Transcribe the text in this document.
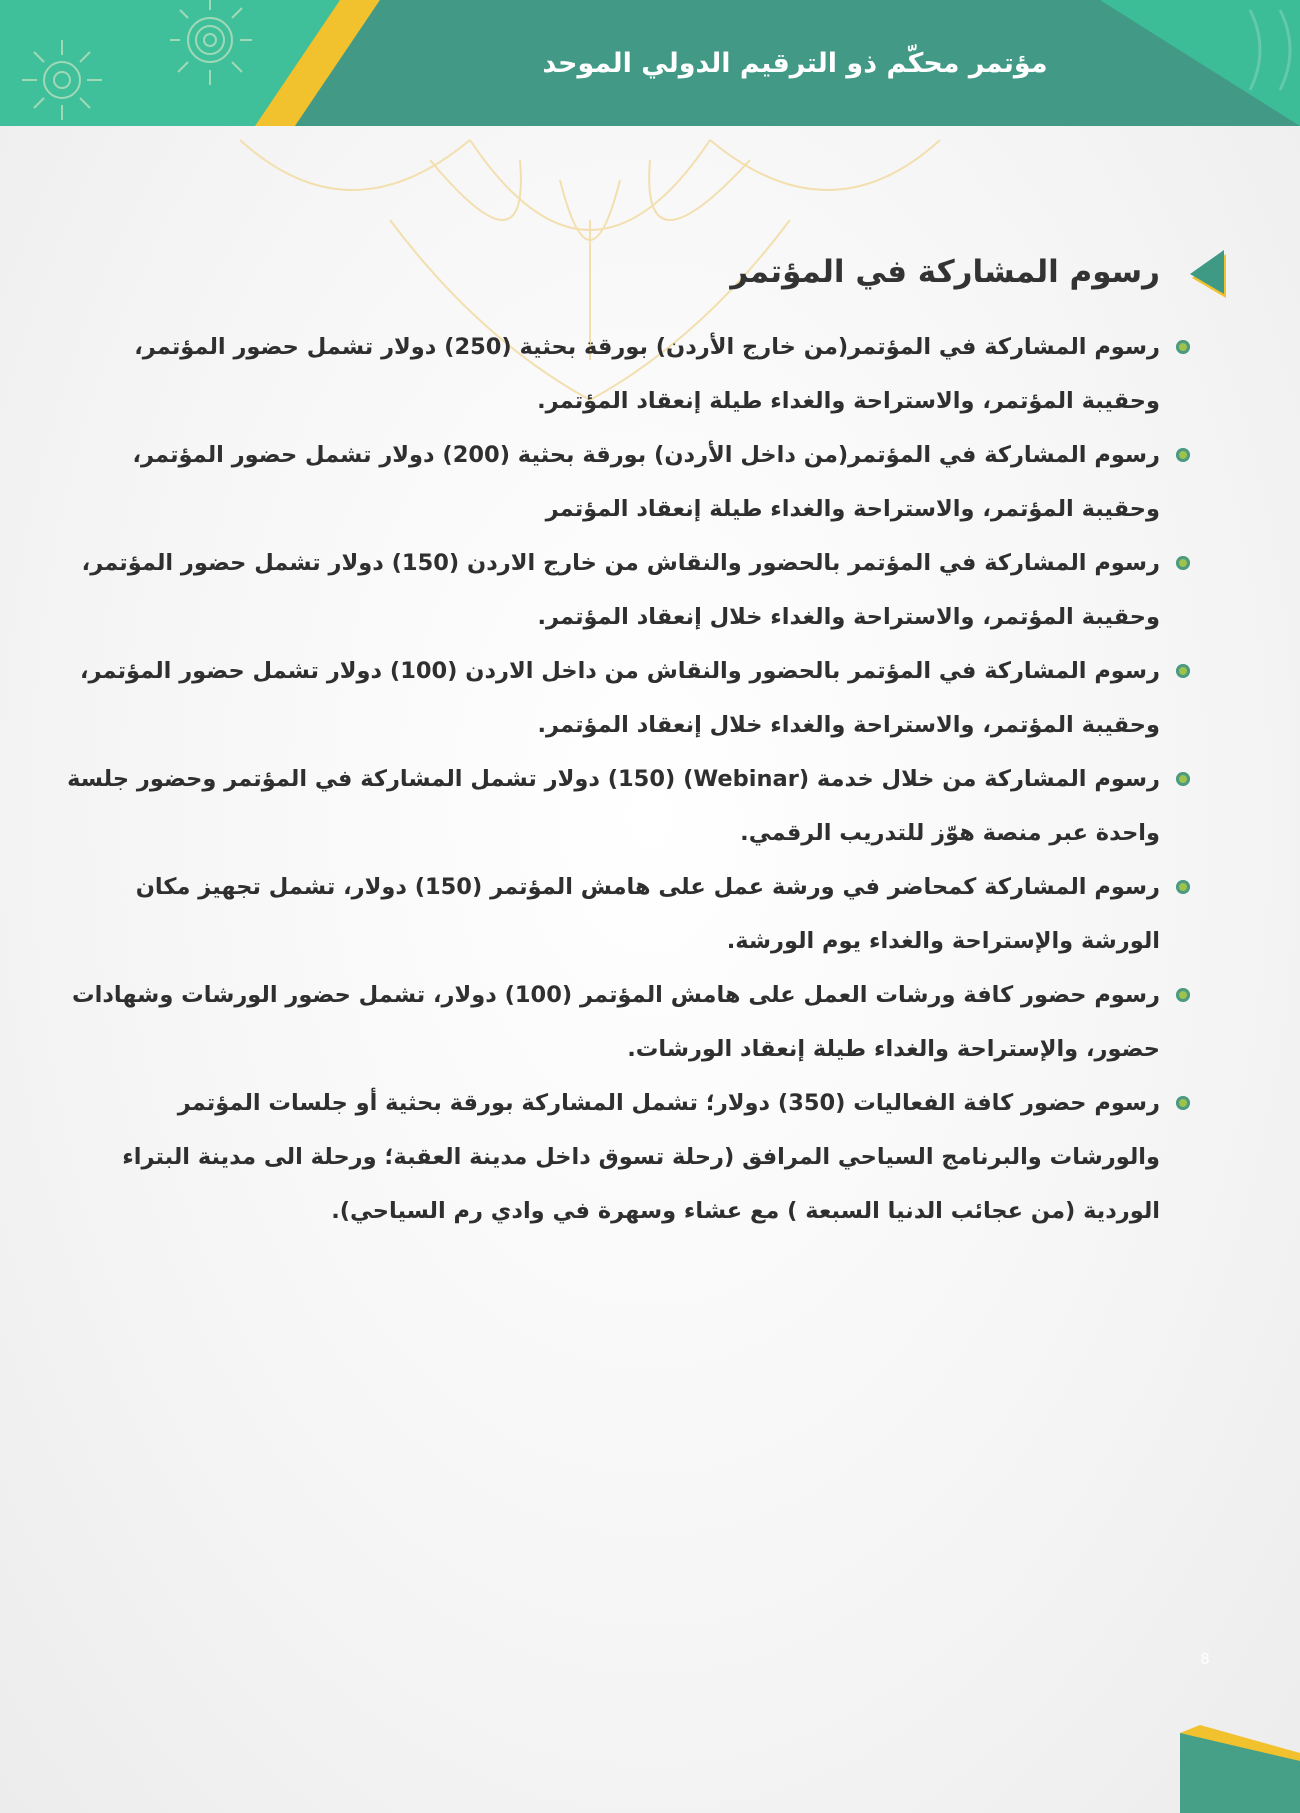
مؤتمر محكّم ذو الترقيم الدولي الموحد
رسوم المشاركة في المؤتمر
رسوم المشاركة في المؤتمر(من خارج الأردن) بورقة بحثية (250) دولار تشمل حضور المؤتمر، وحقيبة المؤتمر، والاستراحة والغداء طيلة إنعقاد المؤتمر.
رسوم المشاركة في المؤتمر(من داخل الأردن) بورقة بحثية (200) دولار تشمل حضور المؤتمر، وحقيبة المؤتمر، والاستراحة والغداء طيلة إنعقاد المؤتمر
رسوم المشاركة في المؤتمر بالحضور والنقاش من خارج الاردن (150) دولار تشمل حضور المؤتمر، وحقيبة المؤتمر، والاستراحة والغداء خلال إنعقاد المؤتمر.
رسوم المشاركة في المؤتمر بالحضور والنقاش من داخل الاردن (100) دولار تشمل حضور المؤتمر، وحقيبة المؤتمر، والاستراحة والغداء خلال إنعقاد المؤتمر.
رسوم المشاركة من خلال خدمة (Webinar) (150) دولار تشمل المشاركة في المؤتمر وحضور جلسة واحدة عبر منصة هوّز للتدريب الرقمي.
رسوم المشاركة كمحاضر في ورشة عمل على هامش المؤتمر (150) دولار، تشمل تجهيز مكان الورشة والإستراحة والغداء يوم الورشة.
رسوم حضور كافة ورشات العمل على هامش المؤتمر (100) دولار، تشمل حضور الورشات وشهادات حضور، والإستراحة والغداء طيلة إنعقاد الورشات.
رسوم حضور كافة الفعاليات (350) دولار؛ تشمل المشاركة بورقة بحثية أو جلسات المؤتمر والورشات والبرنامج السياحي المرافق (رحلة تسوق داخل مدينة العقبة؛ ورحلة الى مدينة البتراء الوردية (من عجائب الدنيا السبعة ) مع عشاء وسهرة في وادي رم السياحي).
8
